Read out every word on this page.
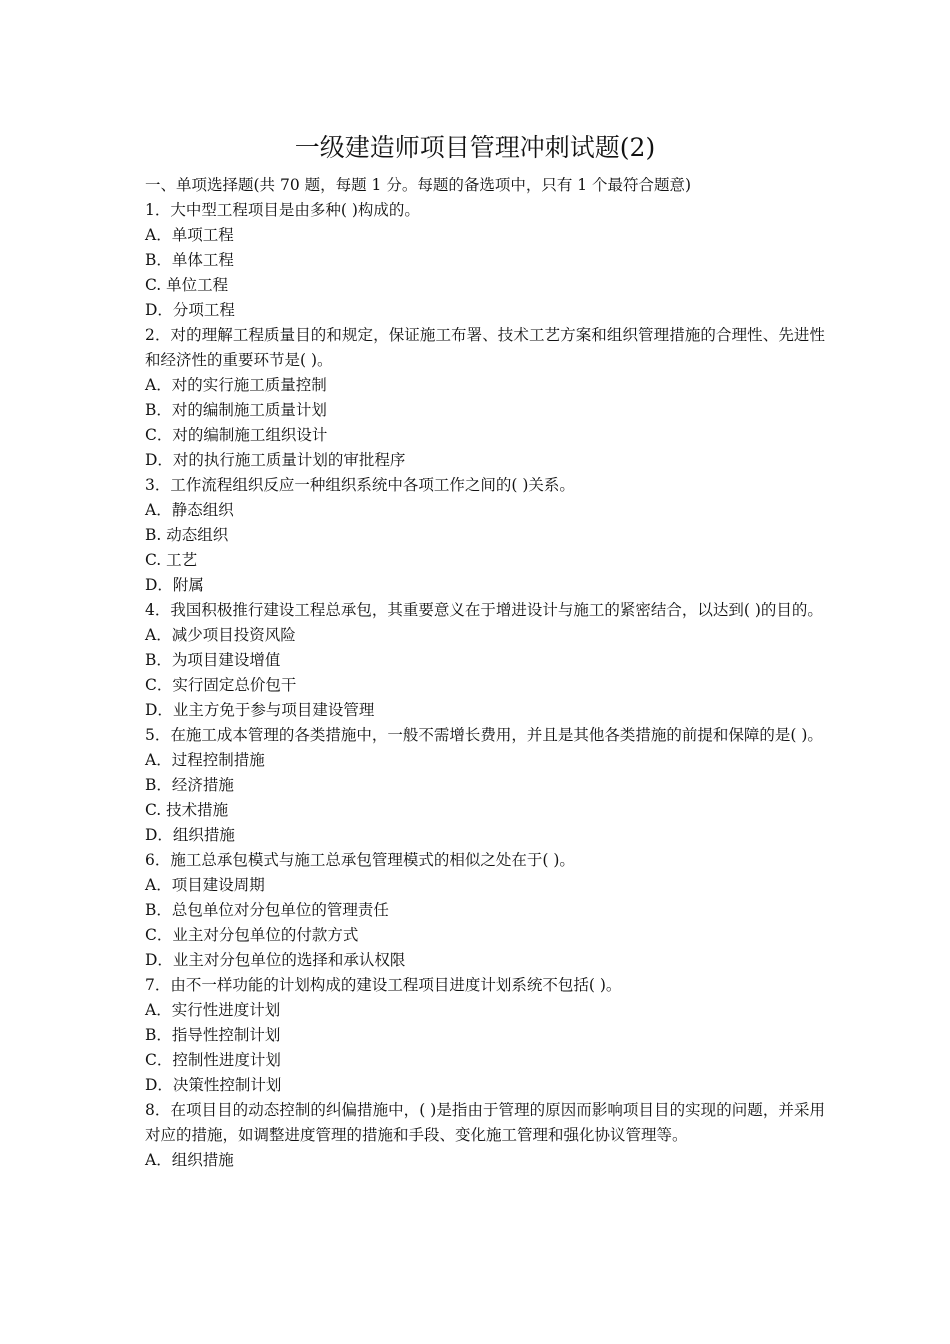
一级建造师项目管理冲刺试题(2)
一、单项选择题(共 70 题，每题 1 分。每题的备选项中，只有 1 个最符合题意)
1．大中型工程项目是由多种( )构成的。
A．单项工程
B．单体工程
C. 单位工程
D．分项工程
2．对的理解工程质量目的和规定，保证施工布署、技术工艺方案和组织管理措施的合理性、先进性和经济性的重要环节是( )。
A．对的实行施工质量控制
B．对的编制施工质量计划
C．对的编制施工组织设计
D．对的执行施工质量计划的审批程序
3．工作流程组织反应一种组织系统中各项工作之间的( )关系。
A．静态组织
B. 动态组织
C. 工艺
D．附属
4．我国积极推行建设工程总承包，其重要意义在于增进设计与施工的紧密结合，以达到( )的目的。
A．减少项目投资风险
B．为项目建设增值
C．实行固定总价包干
D．业主方免于参与项目建设管理
5．在施工成本管理的各类措施中，一般不需增长费用，并且是其他各类措施的前提和保障的是( )。
A．过程控制措施
B．经济措施
C. 技术措施
D．组织措施
6．施工总承包模式与施工总承包管理模式的相似之处在于( )。
A．项目建设周期
B．总包单位对分包单位的管理责任
C．业主对分包单位的付款方式
D．业主对分包单位的选择和承认权限
7．由不一样功能的计划构成的建设工程项目进度计划系统不包括( )。
A．实行性进度计划
B．指导性控制计划
C．控制性进度计划
D．决策性控制计划
8．在项目目的动态控制的纠偏措施中，( )是指由于管理的原因而影响项目目的实现的问题，并采用对应的措施，如调整进度管理的措施和手段、变化施工管理和强化协议管理等。
A．组织措施
